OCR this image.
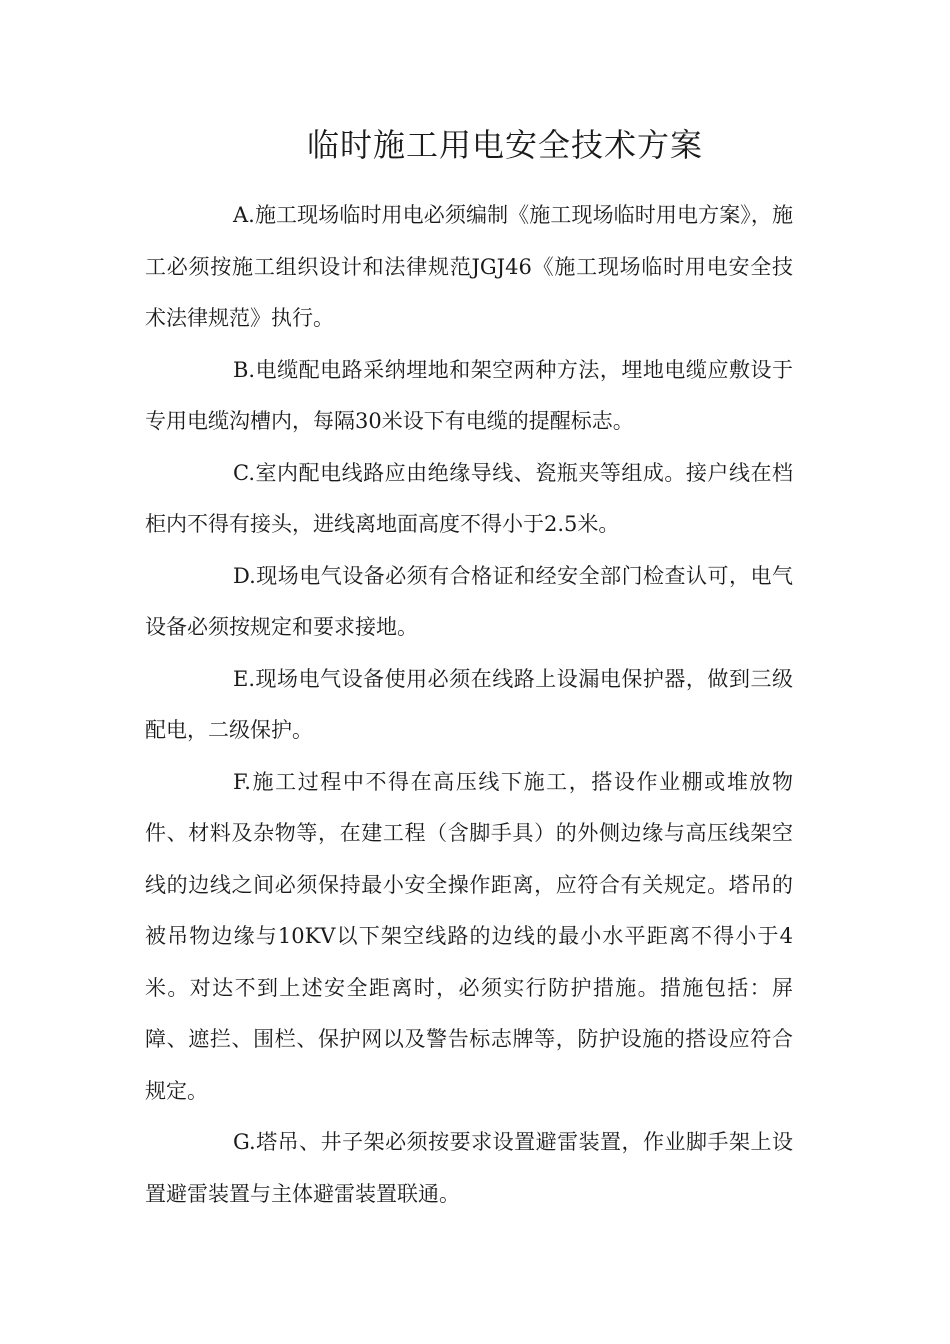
临时施工用电安全技术方案

A.施工现场临时用电必须编制《施工现场临时用电方案》，施工必须按施工组织设计和法律规范JGJ46《施工现场临时用电安全技术法律规范》执行。

B.电缆配电路采纳埋地和架空两种方法，埋地电缆应敷设于专用电缆沟槽内，每隔30米设下有电缆的提醒标志。

C.室内配电线路应由绝缘导线、瓷瓶夹等组成。接户线在档柜内不得有接头，进线离地面高度不得小于2.5米。

D.现场电气设备必须有合格证和经安全部门检查认可，电气设备必须按规定和要求接地。

E.现场电气设备使用必须在线路上设漏电保护器，做到三级配电，二级保护。

F.施工过程中不得在高压线下施工，搭设作业棚或堆放物件、材料及杂物等，在建工程（含脚手具）的外侧边缘与高压线架空线的边线之间必须保持最小安全操作距离，应符合有关规定。塔吊的被吊物边缘与10KV以下架空线路的边线的最小水平距离不得小于4米。对达不到上述安全距离时，必须实行防护措施。措施包括：屏障、遮拦、围栏、保护网以及警告标志牌等，防护设施的搭设应符合规定。

G.塔吊、井子架必须按要求设置避雷装置，作业脚手架上设置避雷装置与主体避雷装置联通。
